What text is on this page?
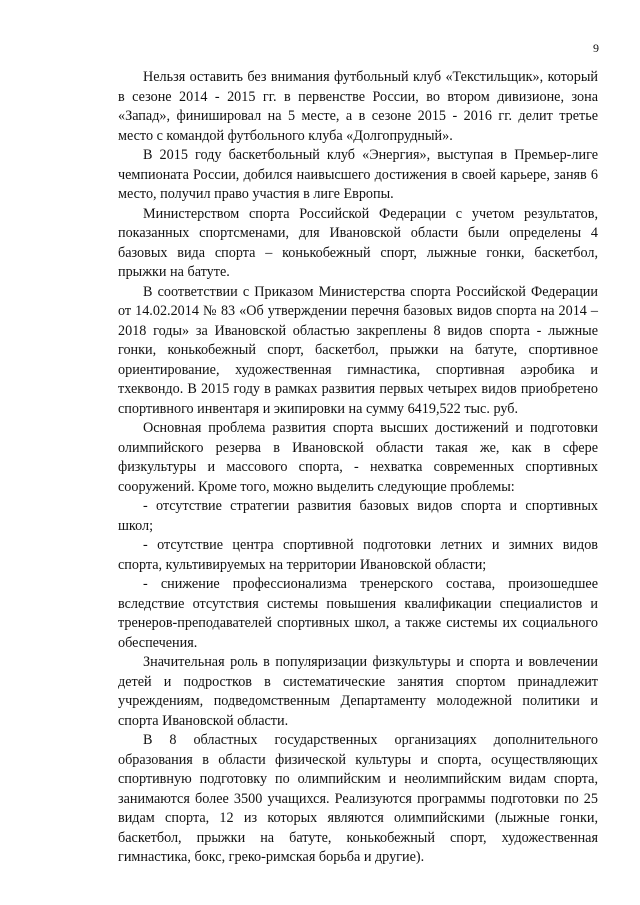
9

Нельзя оставить без внимания футбольный клуб «Текстильщик», который в сезоне 2014 - 2015 гг. в первенстве России, во втором дивизионе, зона «Запад», финишировал на 5 месте, а в сезоне 2015 - 2016 гг. делит третье место с командой футбольного клуба «Долгопрудный».

В 2015 году баскетбольный клуб «Энергия», выступая в Премьер-лиге чемпионата России, добился наивысшего достижения в своей карьере, заняв 6 место, получил право участия в лиге Европы.

Министерством спорта Российской Федерации с учетом результатов, показанных спортсменами, для Ивановской области были определены 4 базовых вида спорта – конькобежный спорт, лыжные гонки, баскетбол, прыжки на батуте.

В соответствии с Приказом Министерства спорта Российской Федерации от 14.02.2014 № 83 «Об утверждении перечня базовых видов спорта на 2014 – 2018 годы» за Ивановской областью закреплены 8 видов спорта - лыжные гонки, конькобежный спорт, баскетбол, прыжки на батуте, спортивное ориентирование, художественная гимнастика, спортивная аэробика и тхеквондо. В 2015 году в рамках развития первых четырех видов приобретено спортивного инвентаря и экипировки на сумму 6419,522 тыс. руб.

Основная проблема развития спорта высших достижений и подготовки олимпийского резерва в Ивановской области такая же, как в сфере физкультуры и массового спорта, - нехватка современных спортивных сооружений. Кроме того, можно выделить следующие проблемы:

- отсутствие стратегии развития базовых видов спорта и спортивных школ;

- отсутствие центра спортивной подготовки летних и зимних видов спорта, культивируемых на территории Ивановской области;

- снижение профессионализма тренерского состава, произошедшее вследствие отсутствия системы повышения квалификации специалистов и тренеров-преподавателей спортивных школ, а также системы их социального обеспечения.

Значительная роль в популяризации физкультуры и спорта и вовлечении детей и подростков в систематические занятия спортом принадлежит учреждениям, подведомственным Департаменту молодежной политики и спорта Ивановской области.

В 8 областных государственных организациях дополнительного образования в области физической культуры и спорта, осуществляющих спортивную подготовку по олимпийским и неолимпийским видам спорта, занимаются более 3500 учащихся. Реализуются программы подготовки по 25 видам спорта, 12 из которых являются олимпийскими (лыжные гонки, баскетбол, прыжки на батуте, конькобежный спорт, художественная гимнастика, бокс, греко-римская борьба и другие).
